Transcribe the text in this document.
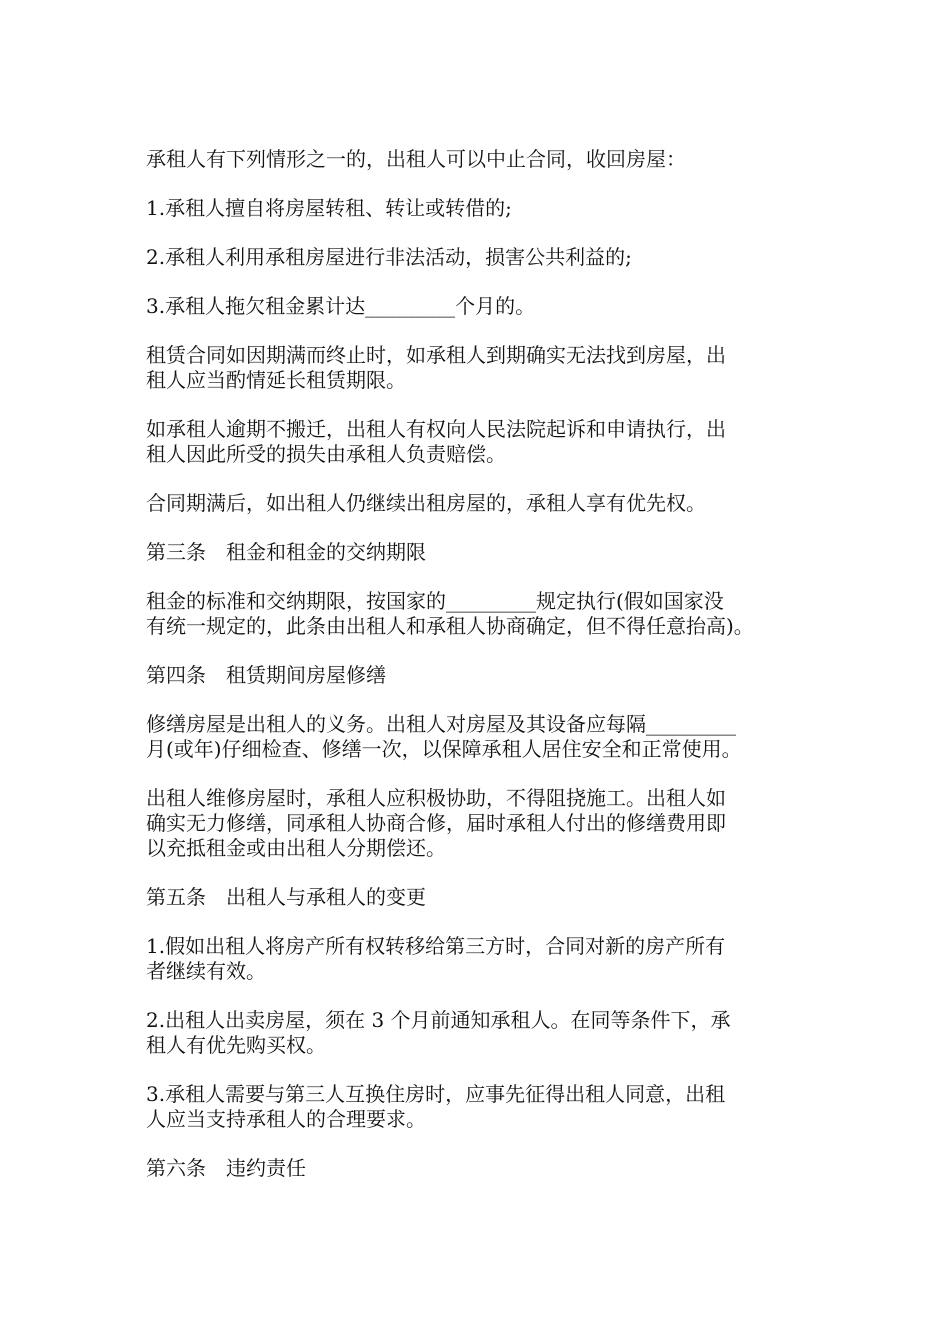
承租人有下列情形之一的，出租人可以中止合同，收回房屋：

1.承租人擅自将房屋转租、转让或转借的;

2.承租人利用承租房屋进行非法活动，损害公共利益的;

3.承租人拖欠租金累计达_________个月的。

租赁合同如因期满而终止时，如承租人到期确实无法找到房屋，出
租人应当酌情延长租赁期限。

如承租人逾期不搬迁，出租人有权向人民法院起诉和申请执行，出
租人因此所受的损失由承租人负责赔偿。

合同期满后，如出租人仍继续出租房屋的，承租人享有优先权。

第三条　租金和租金的交纳期限

租金的标准和交纳期限，按国家的_________规定执行(假如国家没
有统一规定的，此条由出租人和承租人协商确定，但不得任意抬高)。

第四条　租赁期间房屋修缮

修缮房屋是出租人的义务。出租人对房屋及其设备应每隔_________
月(或年)仔细检查、修缮一次，以保障承租人居住安全和正常使用。

出租人维修房屋时，承租人应积极协助，不得阻挠施工。出租人如
确实无力修缮，同承租人协商合修，届时承租人付出的修缮费用即
以充抵租金或由出租人分期偿还。

第五条　出租人与承租人的变更

1.假如出租人将房产所有权转移给第三方时，合同对新的房产所有
者继续有效。

2.出租人出卖房屋，须在 3 个月前通知承租人。在同等条件下，承
租人有优先购买权。

3.承租人需要与第三人互换住房时，应事先征得出租人同意，出租
人应当支持承租人的合理要求。

第六条　违约责任
